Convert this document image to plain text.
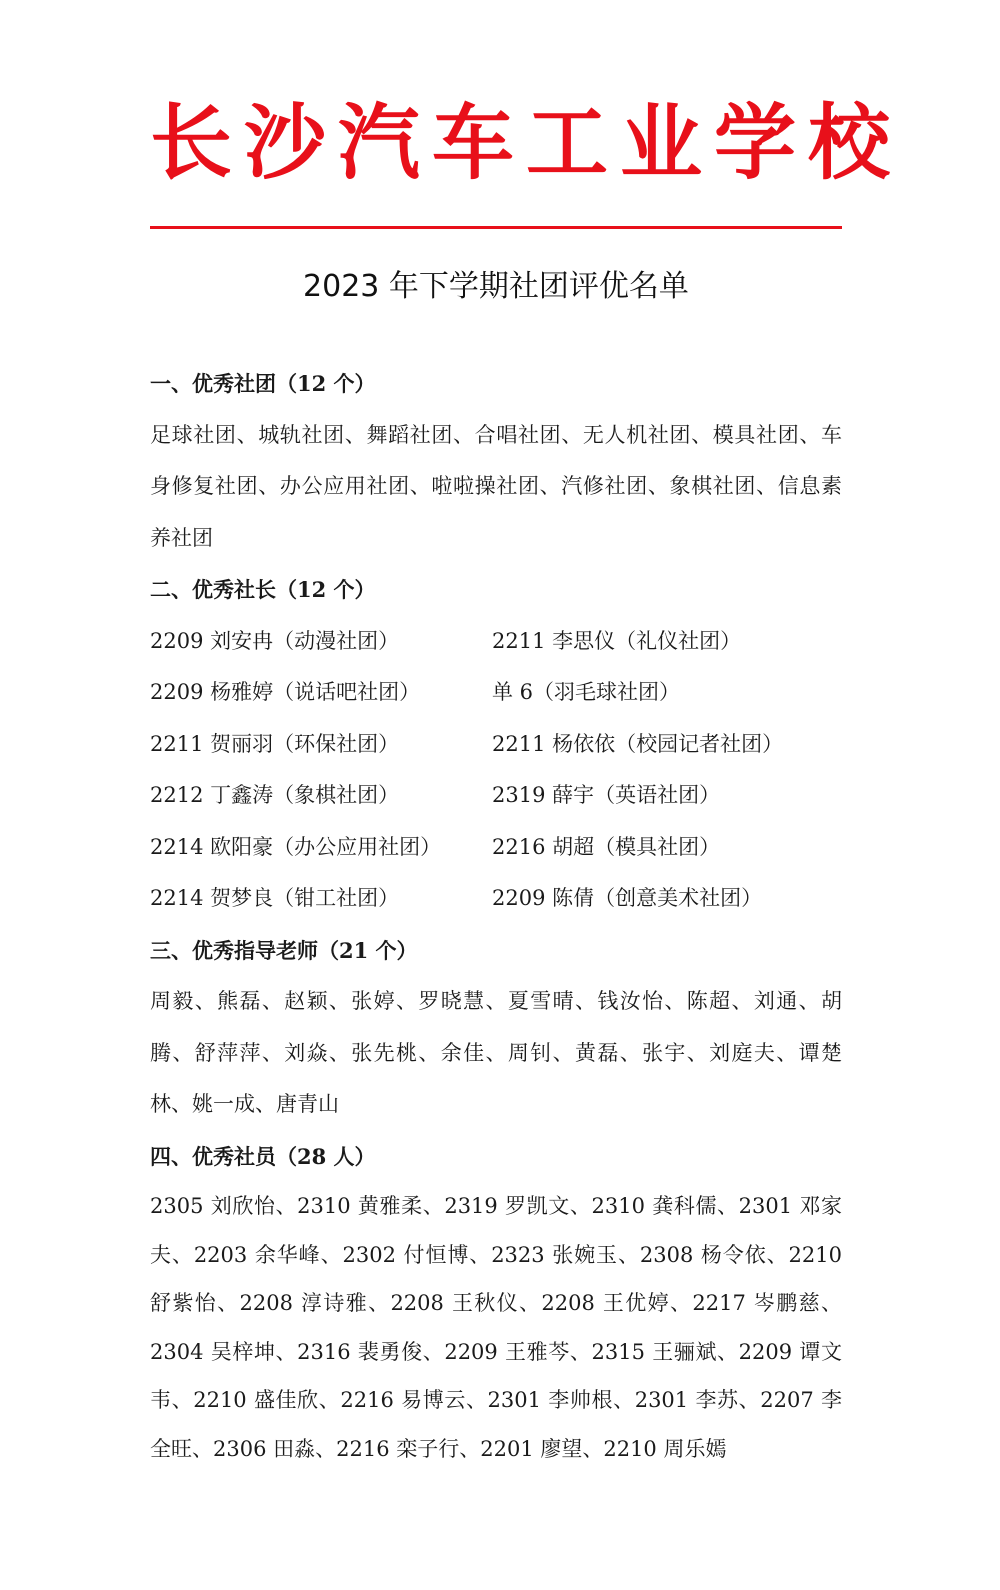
长沙汽车工业学校
2023 年下学期社团评优名单
一、优秀社团（12 个）
足球社团、城轨社团、舞蹈社团、合唱社团、无人机社团、模具社团、车身修复社团、办公应用社团、啦啦操社团、汽修社团、象棋社团、信息素养社团
二、优秀社长（12 个）
2209 刘安冉（动漫社团）	2211 李思仪（礼仪社团）
2209 杨雅婷（说话吧社团）	单 6（羽毛球社团）
2211 贺丽羽（环保社团）	2211 杨依依（校园记者社团）
2212 丁鑫涛（象棋社团）	2319 薛宇（英语社团）
2214 欧阳豪（办公应用社团）	2216 胡超（模具社团）
2214 贺梦良（钳工社团）	2209 陈倩（创意美术社团）
三、优秀指导老师（21 个）
周毅、熊磊、赵颖、张婷、罗晓慧、夏雪晴、钱汝怡、陈超、刘通、胡腾、舒萍萍、刘焱、张先桃、余佳、周钊、黄磊、张宇、刘庭夫、谭楚林、姚一成、唐青山
四、优秀社员（28 人）
2305 刘欣怡、2310 黄雅柔、2319 罗凯文、2310 龚科儒、2301 邓家夫、2203 余华峰、2302 付恒博、2323 张婉玉、2308 杨令依、2210 舒紫怡、2208 淳诗雅、2208 王秋仪、2208 王优婷、2217 岑鹏慈、2304 吴梓坤、2316 裴勇俊、2209 王雅芩、2315 王骊斌、2209 谭文韦、2210 盛佳欣、2216 易博云、2301 李帅根、2301 李苏、2207 李全旺、2306 田淼、2216 栾子行、2201 廖望、2210 周乐嫣
